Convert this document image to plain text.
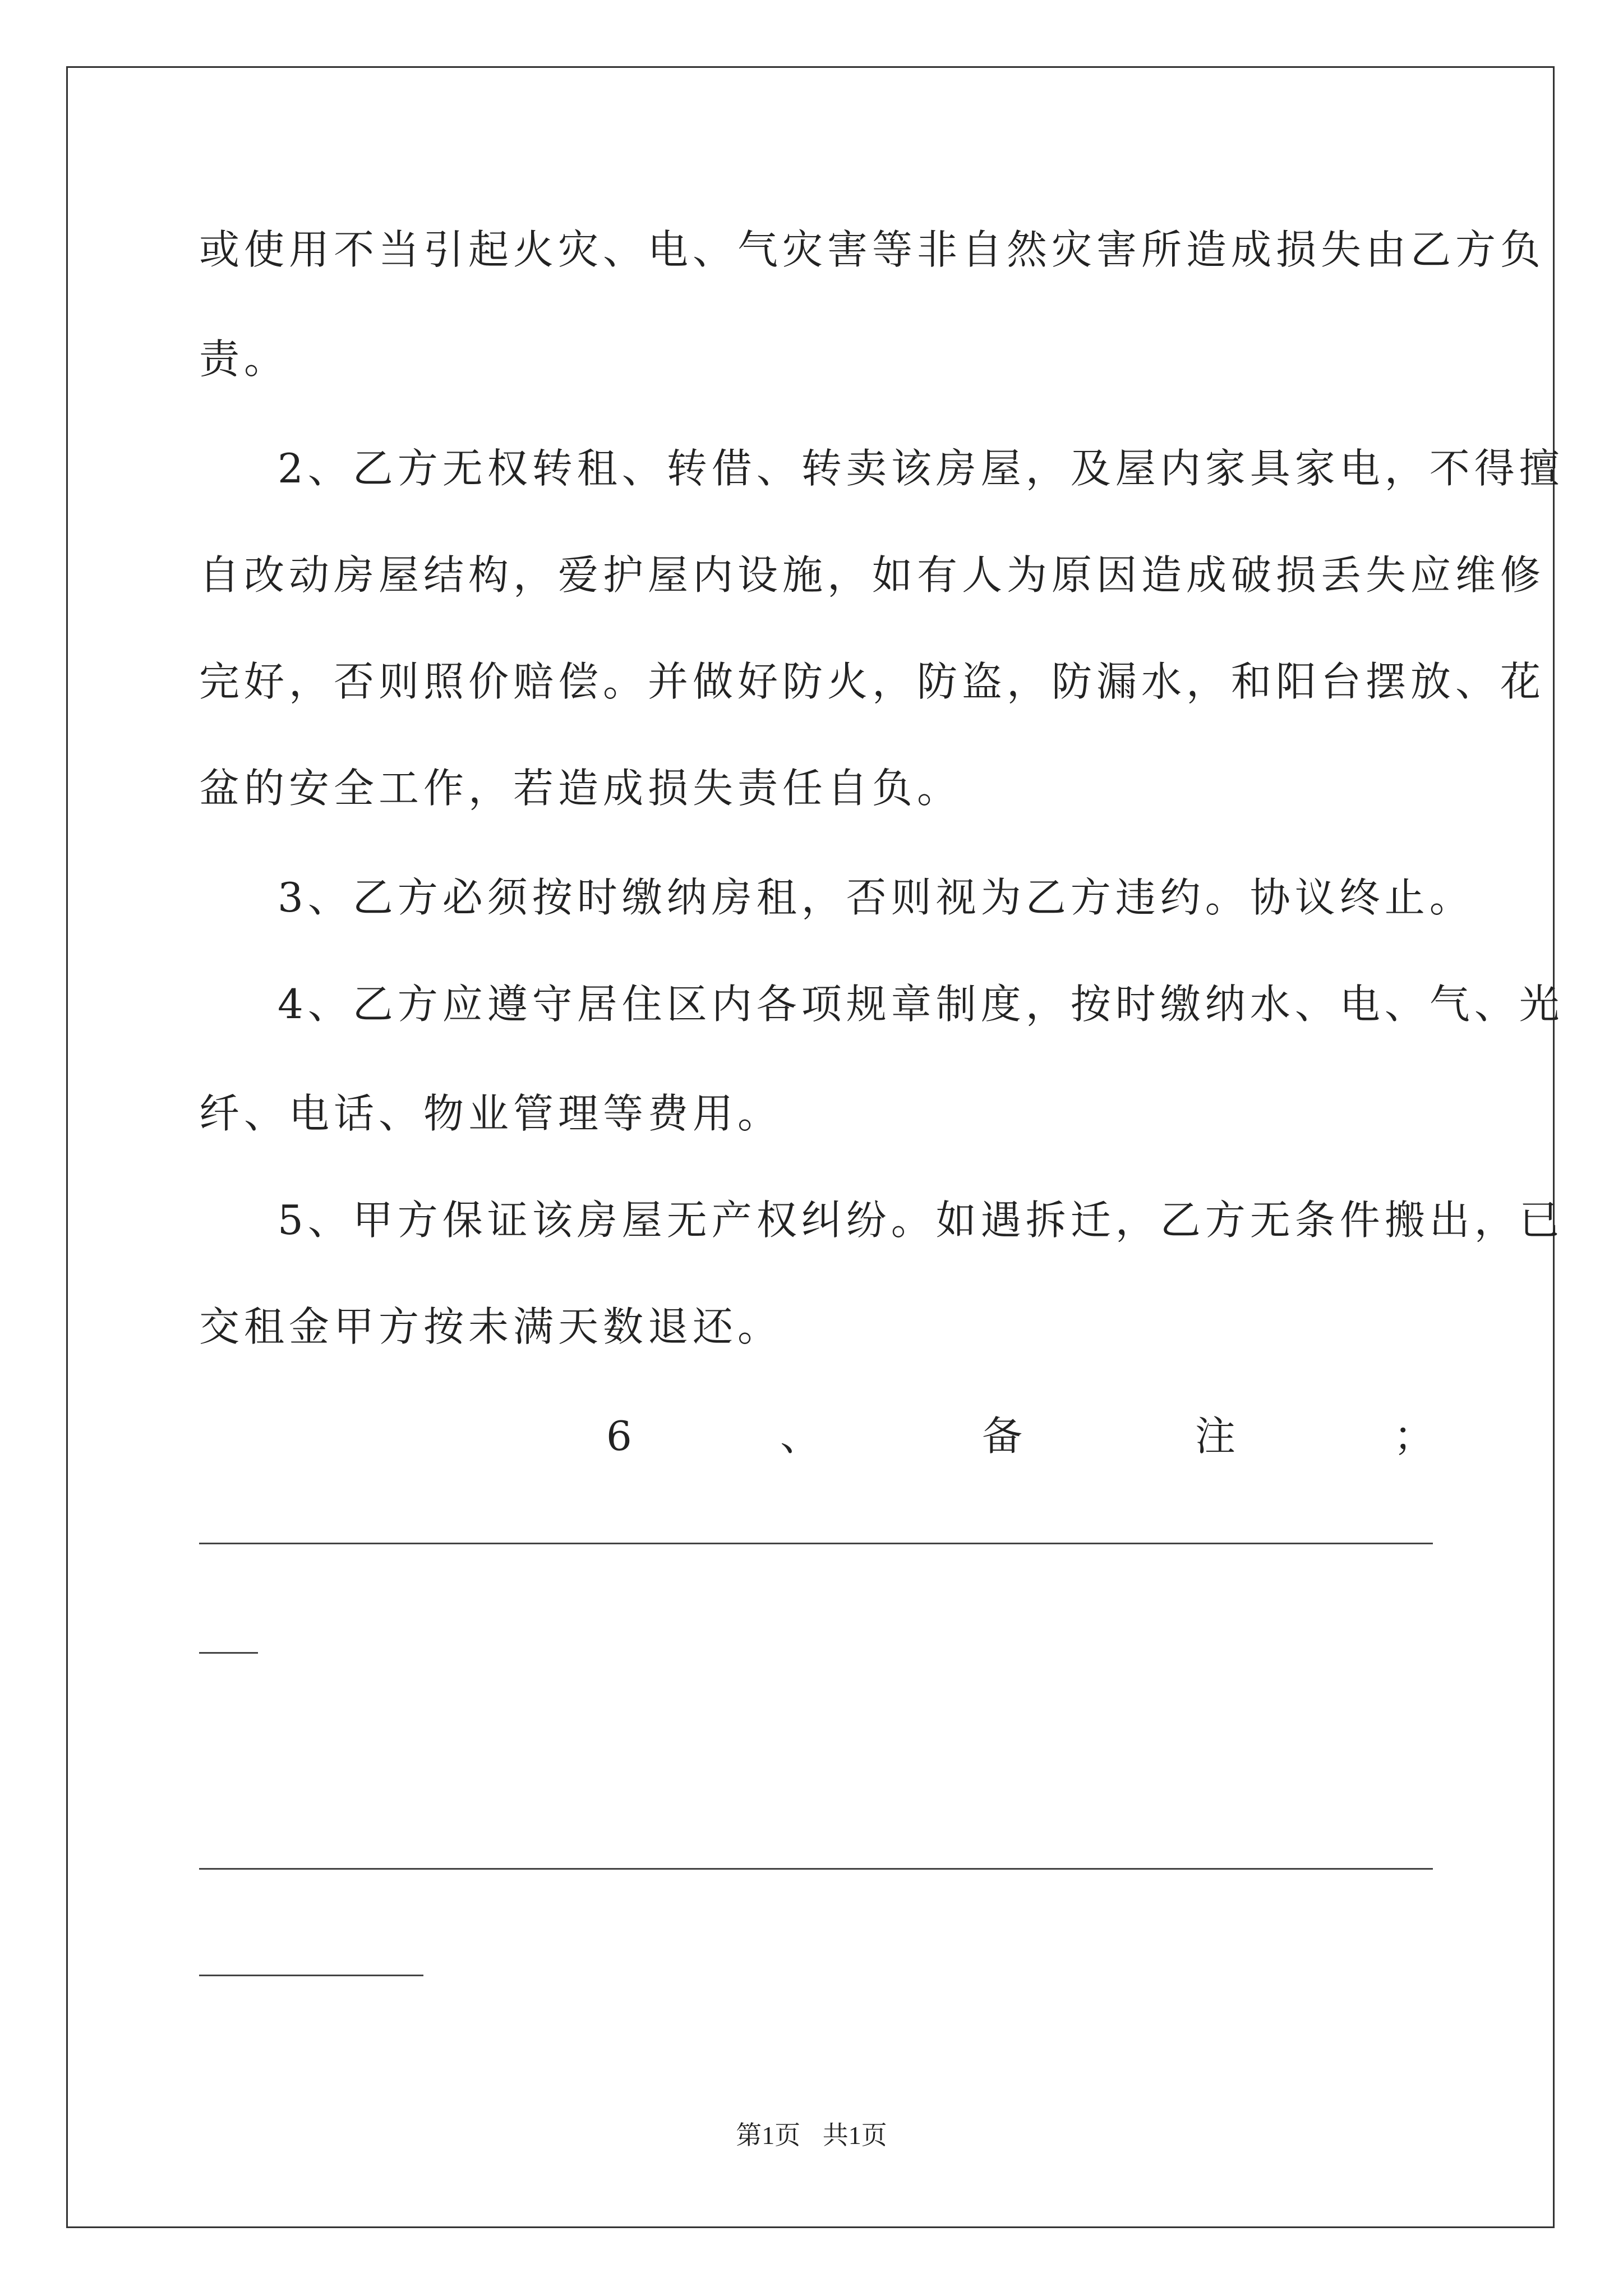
或使用不当引起火灾、电、气灾害等非自然灾害所造成损失由乙方负
责。
2、乙方无权转租、转借、转卖该房屋，及屋内家具家电，不得擅
自改动房屋结构，爱护屋内设施，如有人为原因造成破损丢失应维修
完好，否则照价赔偿。并做好防火，防盗，防漏水，和阳台摆放、花
盆的安全工作，若造成损失责任自负。
3、乙方必须按时缴纳房租，否则视为乙方违约。协议终止。
4、乙方应遵守居住区内各项规章制度，按时缴纳水、电、气、光
纤、电话、物业管理等费用。
5、甲方保证该房屋无产权纠纷。如遇拆迁，乙方无条件搬出，已
交租金甲方按未满天数退还。
6	、	备	注	；
第1页 共1页
